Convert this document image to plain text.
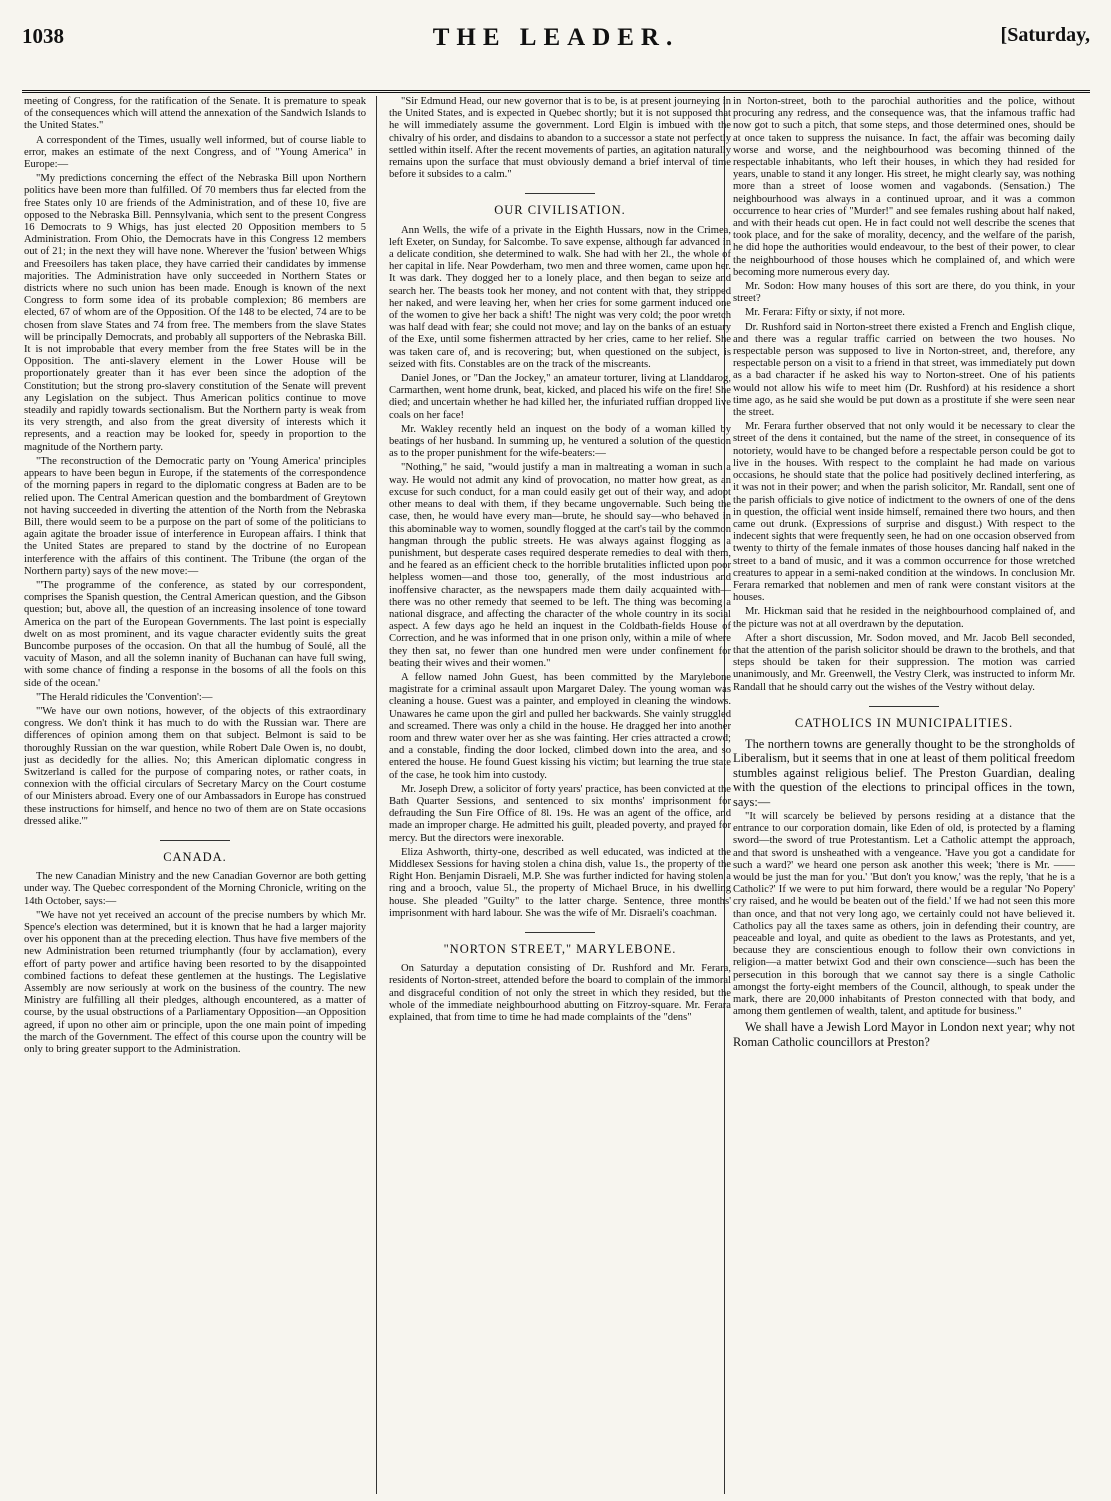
1038	THE LEADER.	[Saturday,

meeting of Congress, for the ratification of the Senate. It is premature to speak of the consequences which will attend the annexation of the Sandwich Islands to the United States."

A correspondent of the Times, usually well informed, but of course liable to error, makes an estimate of the next Congress, and of "Young America" in Europe:—

"My predictions concerning the effect of the Nebraska Bill upon Northern politics have been more than fulfilled. Of 70 members thus far elected from the free States only 10 are friends of the Administration, and of these 10, five are opposed to the Nebraska Bill. Pennsylvania, which sent to the present Congress 16 Democrats to 9 Whigs, has just elected 20 Opposition members to 5 Administration. From Ohio, the Democrats have in this Congress 12 members out of 21; in the next they will have none. Wherever the 'fusion' between Whigs and Freesoilers has taken place, they have carried their candidates by immense majorities. The Administration have only succeeded in Northern States or districts where no such union has been made. Enough is known of the next Congress to form some idea of its probable complexion; 86 members are elected, 67 of whom are of the Opposition. Of the 148 to be elected, 74 are to be chosen from slave States and 74 from free. The members from the slave States will be principally Democrats, and probably all supporters of the Nebraska Bill. It is not improbable that every member from the free States will be in the Opposition. The anti-slavery element in the Lower House will be proportionately greater than it has ever been since the adoption of the Constitution; but the strong pro-slavery constitution of the Senate will prevent any Legislation on the subject. Thus American politics continue to move steadily and rapidly towards sectionalism. But the Northern party is weak from its very strength, and also from the great diversity of interests which it represents, and a reaction may be looked for, speedy in proportion to the magnitude of the Northern party.

"The reconstruction of the Democratic party on 'Young America' principles appears to have been begun in Europe, if the statements of the correspondence of the morning papers in regard to the diplomatic congress at Baden are to be relied upon. The Central American question and the bombardment of Greytown not having succeeded in diverting the attention of the North from the Nebraska Bill, there would seem to be a purpose on the part of some of the politicians to again agitate the broader issue of interference in European affairs. I think that the United States are prepared to stand by the doctrine of no European interference with the affairs of this continent. The Tribune (the organ of the Northern party) says of the new move:—

"'The programme of the conference, as stated by our correspondent, comprises the Spanish question, the Central American question, and the Gibson question; but, above all, the question of an increasing insolence of tone toward America on the part of the European Governments. The last point is especially dwelt on as most prominent, and its vague character evidently suits the great Buncombe purposes of the occasion. On that all the humbug of Soulé, all the vacuity of Mason, and all the solemn inanity of Buchanan can have full swing, with some chance of finding a response in the bosoms of all the fools on this side of the ocean.'

"The Herald ridicules the 'Convention':—

"'We have our own notions, however, of the objects of this extraordinary congress. We don't think it has much to do with the Russian war. There are differences of opinion among them on that subject. Belmont is said to be thoroughly Russian on the war question, while Robert Dale Owen is, no doubt, just as decidedly for the allies. No; this American diplomatic congress in Switzerland is called for the purpose of comparing notes, or rather coats, in connexion with the official circulars of Secretary Marcy on the Court costume of our Ministers abroad. Every one of our Ambassadors in Europe has construed these instructions for himself, and hence no two of them are on State occasions dressed alike.'"

CANADA.

The new Canadian Ministry and the new Canadian Governor are both getting under way. The Quebec correspondent of the Morning Chronicle, writing on the 14th October, says:—

"We have not yet received an account of the precise numbers by which Mr. Spence's election was determined, but it is known that he had a larger majority over his opponent than at the preceding election. Thus have five members of the new Administration been returned triumphantly (four by acclamation), every effort of party power and artifice having been resorted to by the disappointed combined factions to defeat these gentlemen at the hustings. The Legislative Assembly are now seriously at work on the business of the country. The new Ministry are fulfilling all their pledges, although encountered, as a matter of course, by the usual obstructions of a Parliamentary Opposition—an Opposition agreed, if upon no other aim or principle, upon the one main point of impeding the march of the Government. The effect of this course upon the country will be only to bring greater support to the Administration.

"Sir Edmund Head, our new governor that is to be, is at present journeying in the United States, and is expected in Quebec shortly; but it is not supposed that he will immediately assume the government. Lord Elgin is imbued with the chivalry of his order, and disdains to abandon to a successor a state not perfectly settled within itself. After the recent movements of parties, an agitation naturally remains upon the surface that must obviously demand a brief interval of time before it subsides to a calm."

OUR CIVILISATION.

Ann Wells, the wife of a private in the Eighth Hussars, now in the Crimea, left Exeter, on Sunday, for Salcombe. To save expense, although far advanced in a delicate condition, she determined to walk. She had with her 2l., the whole of her capital in life. Near Powderham, two men and three women, came upon her. It was dark. They dogged her to a lonely place, and then began to seize and search her. The beasts took her money, and not content with that, they stripped her naked, and were leaving her, when her cries for some garment induced one of the women to give her back a shift! The night was very cold; the poor wretch was half dead with fear; she could not move; and lay on the banks of an estuary of the Exe, until some fishermen attracted by her cries, came to her relief. She was taken care of, and is recovering; but, when questioned on the subject, is seized with fits. Constables are on the track of the miscreants.

Daniel Jones, or "Dan the Jockey," an amateur torturer, living at Llanddarog, Carmarthen, went home drunk, beat, kicked, and placed his wife on the fire! She died; and uncertain whether he had killed her, the infuriated ruffian dropped live coals on her face!

Mr. Wakley recently held an inquest on the body of a woman killed by beatings of her husband. In summing up, he ventured a solution of the question as to the proper punishment for the wife-beaters:—

"Nothing," he said, "would justify a man in maltreating a woman in such a way. He would not admit any kind of provocation, no matter how great, as an excuse for such conduct, for a man could easily get out of their way, and adopt other means to deal with them, if they became ungovernable. Such being the case, then, he would have every man—brute, he should say—who behaved in this abominable way to women, soundly flogged at the cart's tail by the common hangman through the public streets. He was always against flogging as a punishment, but desperate cases required desperate remedies to deal with them, and he feared as an efficient check to the horrible brutalities inflicted upon poor helpless women—and those too, generally, of the most industrious and inoffensive character, as the newspapers made them daily acquainted with—there was no other remedy that seemed to be left. The thing was becoming a national disgrace, and affecting the character of the whole country in its social aspect. A few days ago he held an inquest in the Coldbath-fields House of Correction, and he was informed that in one prison only, within a mile of where they then sat, no fewer than one hundred men were under confinement for beating their wives and their women."

A fellow named John Guest, has been committed by the Marylebone magistrate for a criminal assault upon Margaret Daley. The young woman was cleaning a house. Guest was a painter, and employed in cleaning the windows. Unawares he came upon the girl and pulled her backwards. She vainly struggled and screamed. There was only a child in the house. He dragged her into another room and threw water over her as she was fainting. Her cries attracted a crowd; and a constable, finding the door locked, climbed down into the area, and so entered the house. He found Guest kissing his victim; but learning the true state of the case, he took him into custody.

Mr. Joseph Drew, a solicitor of forty years' practice, has been convicted at the Bath Quarter Sessions, and sentenced to six months' imprisonment for defrauding the Sun Fire Office of 8l. 19s. He was an agent of the office, and made an improper charge. He admitted his guilt, pleaded poverty, and prayed for mercy. But the directors were inexorable.

Eliza Ashworth, thirty-one, described as well educated, was indicted at the Middlesex Sessions for having stolen a china dish, value 1s., the property of the Right Hon. Benjamin Disraeli, M.P. She was further indicted for having stolen a ring and a brooch, value 5l., the property of Michael Bruce, in his dwelling house. She pleaded "Guilty" to the latter charge. Sentence, three months' imprisonment with hard labour. She was the wife of Mr. Disraeli's coachman.

"NORTON STREET," MARYLEBONE.

On Saturday a deputation consisting of Dr. Rushford and Mr. Ferara, residents of Norton-street, attended before the board to complain of the immoral and disgraceful condition of not only the street in which they resided, but the whole of the immediate neighbourhood abutting on Fitzroy-square. Mr. Ferara explained, that from time to time he had made complaints of the "dens"

in Norton-street, both to the parochial authorities and the police, without procuring any redress, and the consequence was, that the infamous traffic had now got to such a pitch, that some steps, and those determined ones, should be at once taken to suppress the nuisance. In fact, the affair was becoming daily worse and worse, and the neighbourhood was becoming thinned of the respectable inhabitants, who left their houses, in which they had resided for years, unable to stand it any longer. His street, he might clearly say, was nothing more than a street of loose women and vagabonds. (Sensation.) The neighbourhood was always in a continued uproar, and it was a common occurrence to hear cries of "Murder!" and see females rushing about half naked, and with their heads cut open. He in fact could not well describe the scenes that took place, and for the sake of morality, decency, and the welfare of the parish, he did hope the authorities would endeavour, to the best of their power, to clear the neighbourhood of those houses which he complained of, and which were becoming more numerous every day.

Mr. Sodon: How many houses of this sort are there, do you think, in your street?

Mr. Ferara: Fifty or sixty, if not more.

Dr. Rushford said in Norton-street there existed a French and English clique, and there was a regular traffic carried on between the two houses. No respectable person was supposed to live in Norton-street, and, therefore, any respectable person on a visit to a friend in that street, was immediately put down as a bad character if he asked his way to Norton-street. One of his patients would not allow his wife to meet him (Dr. Rushford) at his residence a short time ago, as he said she would be put down as a prostitute if she were seen near the street.

Mr. Ferara further observed that not only would it be necessary to clear the street of the dens it contained, but the name of the street, in consequence of its notoriety, would have to be changed before a respectable person could be got to live in the houses. With respect to the complaint he had made on various occasions, he should state that the police had positively declined interfering, as it was not in their power; and when the parish solicitor, Mr. Randall, sent one of the parish officials to give notice of indictment to the owners of one of the dens in question, the official went inside himself, remained there two hours, and then came out drunk. (Expressions of surprise and disgust.) With respect to the indecent sights that were frequently seen, he had on one occasion observed from twenty to thirty of the female inmates of those houses dancing half naked in the street to a band of music, and it was a common occurrence for those wretched creatures to appear in a semi-naked condition at the windows. In conclusion Mr. Ferara remarked that noblemen and men of rank were constant visitors at the houses.

Mr. Hickman said that he resided in the neighbourhood complained of, and the picture was not at all overdrawn by the deputation.

After a short discussion, Mr. Sodon moved, and Mr. Jacob Bell seconded, that the attention of the parish solicitor should be drawn to the brothels, and that steps should be taken for their suppression. The motion was carried unanimously, and Mr. Greenwell, the Vestry Clerk, was instructed to inform Mr. Randall that he should carry out the wishes of the Vestry without delay.

CATHOLICS IN MUNICIPALITIES.

The northern towns are generally thought to be the strongholds of Liberalism, but it seems that in one at least of them political freedom stumbles against religious belief. The Preston Guardian, dealing with the question of the elections to principal offices in the town, says:—

"It will scarcely be believed by persons residing at a distance that the entrance to our corporation domain, like Eden of old, is protected by a flaming sword—the sword of true Protestantism. Let a Catholic attempt the approach, and that sword is unsheathed with a vengeance. 'Have you got a candidate for such a ward?' we heard one person ask another this week; 'there is Mr. —— would be just the man for you.' 'But don't you know,' was the reply, 'that he is a Catholic?' If we were to put him forward, there would be a regular 'No Popery' cry raised, and he would be beaten out of the field.' If we had not seen this more than once, and that not very long ago, we certainly could not have believed it. Catholics pay all the taxes same as others, join in defending their country, are peaceable and loyal, and quite as obedient to the laws as Protestants, and yet, because they are conscientious enough to follow their own convictions in religion—a matter betwixt God and their own conscience—such has been the persecution in this borough that we cannot say there is a single Catholic amongst the forty-eight members of the Council, although, to speak under the mark, there are 20,000 inhabitants of Preston connected with that body, and among them gentlemen of wealth, talent, and aptitude for business."

We shall have a Jewish Lord Mayor in London next year; why not Roman Catholic councillors at Preston?
